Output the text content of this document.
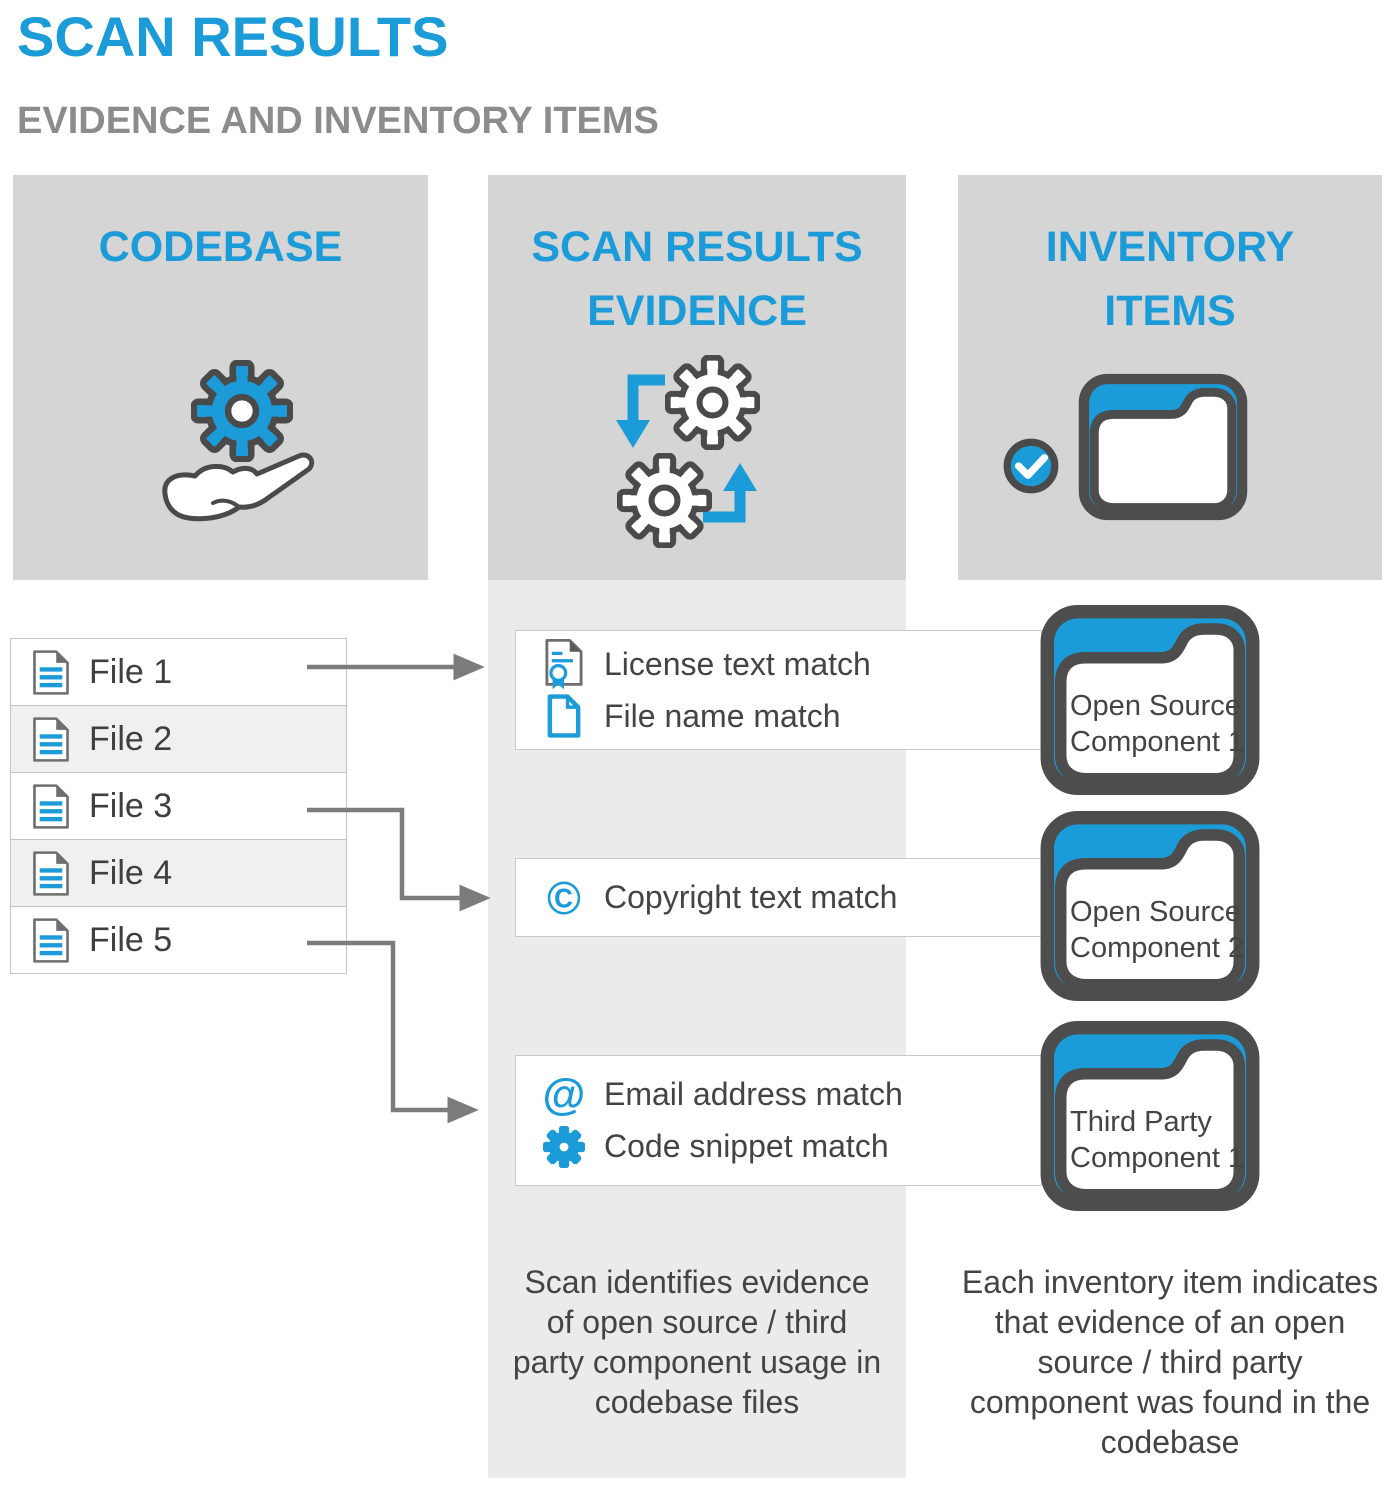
SCAN RESULTS
EVIDENCE AND INVENTORY ITEMS
CODEBASE	SCAN RESULTS
EVIDENCE
INVENTORY
ITEMS
File 1
File 2
File 3
File 4
File 5
License text match
File name match
© Copyright text match
@ Email address match
Code snippet match
Open Source Component 1
Open Source Component 2
Third Party Component 1
Scan identifies evidence of open source / third party component usage in codebase files
Each inventory item indicates that evidence of an open source / third party component was found in the codebase
